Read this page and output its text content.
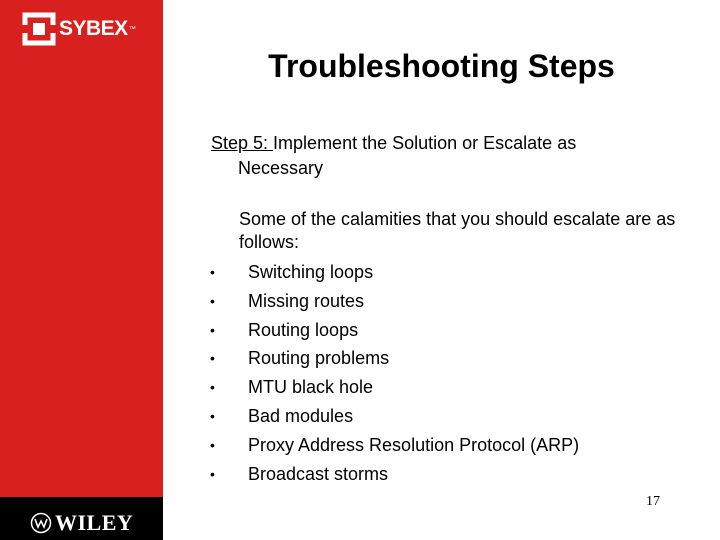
SYBEX ™
WILEY
Troubleshooting Steps
Step 5: Implement the Solution or Escalate as
Necessary
Some of the calamities that you should escalate are as follows:
•	Switching loops
•	Missing routes
•	Routing loops
•	Routing problems
•	MTU black hole
•	Bad modules
•	Proxy Address Resolution Protocol (ARP)
•	Broadcast storms
17
